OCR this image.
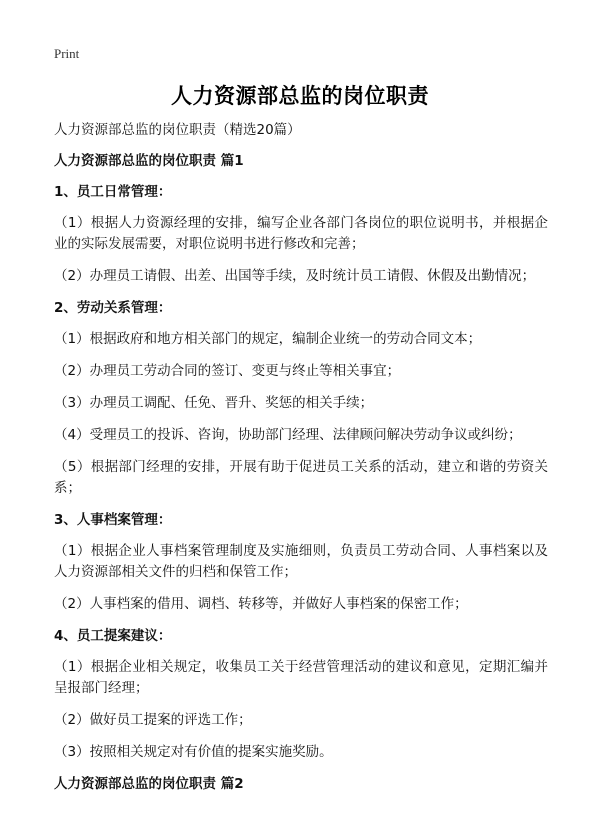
Print
人力资源部总监的岗位职责
人力资源部总监的岗位职责（精选20篇）
人力资源部总监的岗位职责 篇1
1、员工日常管理：
（1）根据人力资源经理的安排，编写企业各部门各岗位的职位说明书，并根据企业的实际发展需要，对职位说明书进行修改和完善；
（2）办理员工请假、出差、出国等手续，及时统计员工请假、休假及出勤情况；
2、劳动关系管理：
（1）根据政府和地方相关部门的规定，编制企业统一的劳动合同文本；
（2）办理员工劳动合同的签订、变更与终止等相关事宜；
（3）办理员工调配、任免、晋升、奖惩的相关手续；
（4）受理员工的投诉、咨询，协助部门经理、法律顾问解决劳动争议或纠纷；
（5）根据部门经理的安排，开展有助于促进员工关系的活动，建立和谐的劳资关系；
3、人事档案管理：
（1）根据企业人事档案管理制度及实施细则，负责员工劳动合同、人事档案以及人力资源部相关文件的归档和保管工作；
（2）人事档案的借用、调档、转移等，并做好人事档案的保密工作；
4、员工提案建议：
（1）根据企业相关规定，收集员工关于经营管理活动的建议和意见，定期汇编并呈报部门经理；
（2）做好员工提案的评选工作；
（3）按照相关规定对有价值的提案实施奖励。
人力资源部总监的岗位职责 篇2
